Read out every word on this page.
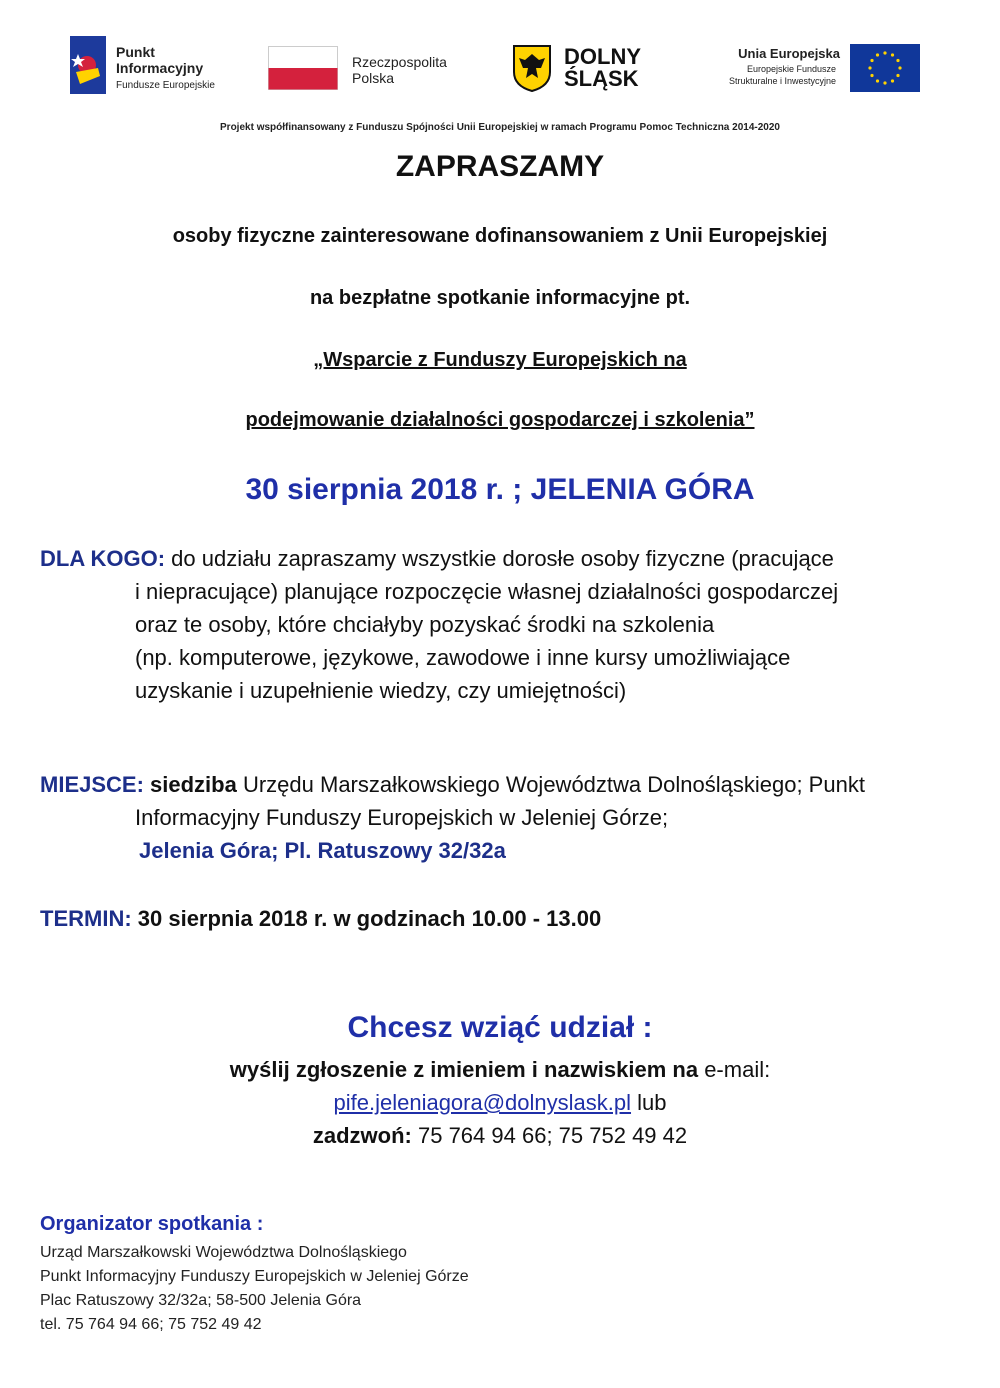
Punkt
Informacyjny
Fundusze Europejskie
Rzeczpospolita
Polska
DOLNY
ŚLĄSK
Unia Europejska
Europejskie Fundusze
Strukturalne i Inwestycyjne
Projekt współfinansowany z Funduszu Spójności Unii Europejskiej w ramach Programu Pomoc Techniczna 2014-2020
ZAPRASZAMY
osoby fizyczne zainteresowane dofinansowaniem z Unii Europejskiej
na bezpłatne spotkanie informacyjne pt.
„Wsparcie z Funduszy Europejskich na
podejmowanie działalności gospodarczej i szkolenia”
30 sierpnia 2018 r. ; JELENIA GÓRA
DLA KOGO: do udziału zapraszamy wszystkie dorosłe osoby fizyczne (pracujące
i niepracujące) planujące rozpoczęcie własnej działalności gospodarczej
oraz te osoby, które chciałyby pozyskać środki na szkolenia
(np. komputerowe, językowe, zawodowe i inne kursy umożliwiające
uzyskanie i uzupełnienie wiedzy, czy umiejętności)
MIEJSCE: siedziba Urzędu Marszałkowskiego Województwa Dolnośląskiego; Punkt
Informacyjny Funduszy Europejskich w Jeleniej Górze;
Jelenia Góra; Pl. Ratuszowy 32/32a
TERMIN: 30 sierpnia 2018 r. w godzinach 10.00 - 13.00
Chcesz wziąć udział :
wyślij zgłoszenie z imieniem i nazwiskiem na e-mail:
pife.jeleniagora@dolnyslask.pl lub
zadzwoń: 75 764 94 66; 75 752 49 42
Organizator spotkania :
Urząd Marszałkowski Województwa Dolnośląskiego
Punkt Informacyjny Funduszy Europejskich w Jeleniej Górze
Plac Ratuszowy 32/32a; 58-500 Jelenia Góra
tel. 75 764 94 66; 75 752 49 42
